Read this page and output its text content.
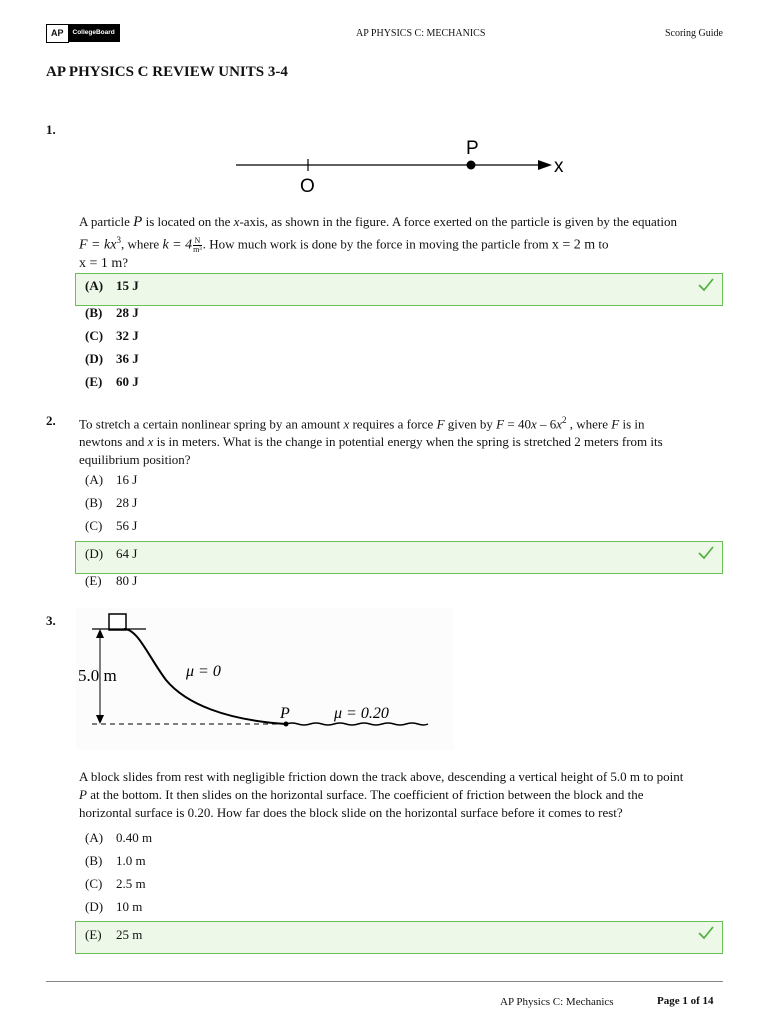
AP	CollegeBoard	AP PHYSICS C: MECHANICS	Scoring Guide
AP PHYSICS C REVIEW UNITS 3-4
1.
P
O
x
A particle P is located on the x-axis, as shown in the figure. A force exerted on the particle is given by the equation
$F = kx^3$, where $k = 4 \frac{N}{\text{m³}}$ . How much work is done by the force in moving the particle from x = 2 m to
x = 1 m?
(A) 15 J
(B) 28 J
(C) 32 J
(D) 36 J
(E) 60 J
2. To stretch a certain nonlinear spring by an amount x requires a force F given by $F = 40x - 6x^2$ , where F is in
newtons and x is in meters. What is the change in potential energy when the spring is stretched 2 meters from its
equilibrium position?
(A) 16 J
(B) 28 J
(C) 56 J
(D) 64 J
(E) 80 J
3.
5.0 m	μ = 0
P	μ = 0.20
A block slides from rest with negligible friction down the track above, descending a vertical height of 5.0 m to point
P at the bottom. It then slides on the horizontal surface. The coefficient of friction between the block and the
horizontal surface is 0.20. How far does the block slide on the horizontal surface before it comes to rest?
(A) 0.40 m
(B) 1.0 m
(C) 2.5 m
(D) 10 m
(E) 25 m
AP Physics C: Mechanics	Page 1 of 14
